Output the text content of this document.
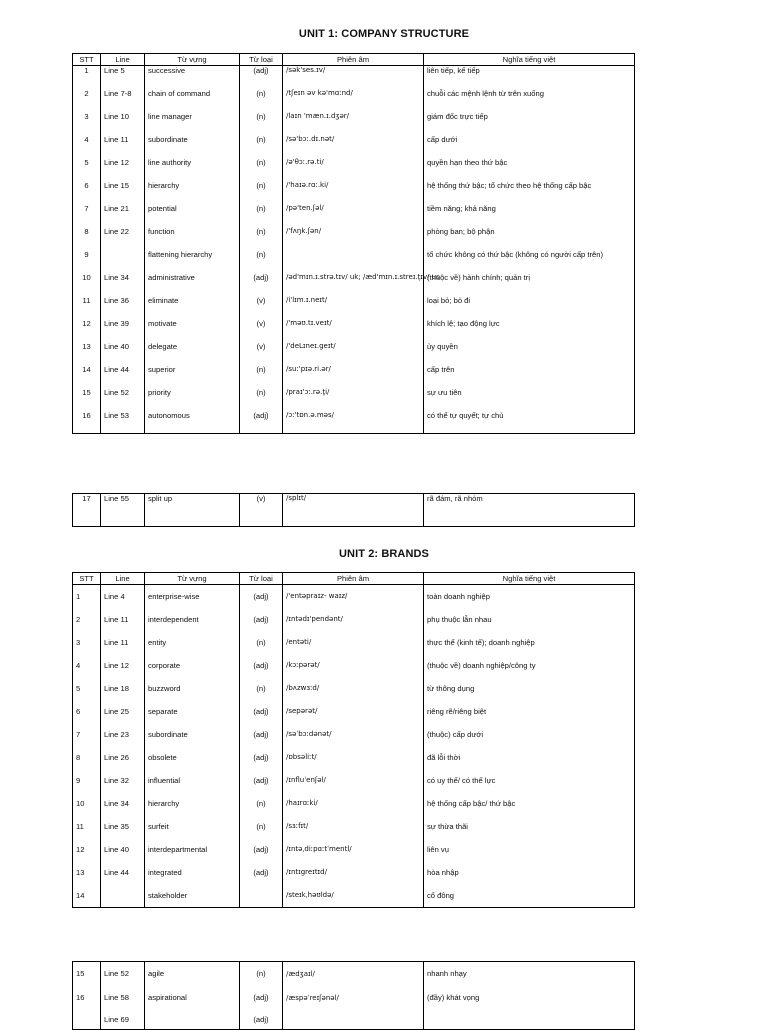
UNIT 1: COMPANY STRUCTURE
STT	Line	Từ vựng	Từ loại	Phiên âm	Nghĩa tiếng việt
1	Line 5	successive	(adj)	/sək'ses.ɪv/	liên tiếp, kế tiếp
2	Line 7-8	chain of command	(n)	/tʃeɪn əv kə'mɑːnd/	chuỗi các mệnh lệnh từ trên xuống
3	Line 10	line manager	(n)	/laɪn 'mæn.ɪ.dʒər/	giám đốc trực tiếp
4	Line 11	subordinate	(n)	/sə'bɔː.dɪ.nət/	cấp dưới
5	Line 12	line authority	(n)	/ə'θɔː.rə.ti/	quyền hạn theo thứ bậc
6	Line 15	hierarchy	(n)	/'haɪə.rɑː.ki/	hệ thống thứ bậc; tổ chức theo hệ thống cấp bậc
7	Line 21	potential	(n)	/pə'ten.ʃəl/	tiềm năng; khả năng
8	Line 22	function	(n)	/'fʌŋk.ʃən/	phòng ban; bộ phận
9		flattening hierarchy	(n)		tổ chức không có thứ bậc (không có người cấp trên)
10	Line 34	administrative	(adj)	/əd'mɪn.ɪ.strə.tɪv/ uk; /æd'mɪn.ɪ.streɪ.t̬ɪv/ us	(thuộc về) hành chính; quản trị
11	Line 36	eliminate	(v)	/i'lɪm.ɪ.neɪt/	loại bỏ; bỏ đi
12	Line 39	motivate	(v)	/'məʊ.tɪ.veɪt/	khích lệ; tạo động lực
13	Line 40	delegate	(v)	/'deLɪneɪ.geɪt/	ủy quyền
14	Line 44	superior	(n)	/suː'pɪə.ri.ər/	cấp trên
15	Line 52	priority	(n)	/praɪ'ɔː.rə.t̬i/	sự ưu tiên
16	Line 53	autonomous	(adj)	/ɔː'tɒn.ə.məs/	có thể tự quyết; tự chủ
17	Line 55	split up	(v)	/splɪt/	rã đám, rã nhóm
UNIT 2: BRANDS
STT	Line	Từ vựng	Từ loại	Phiên âm	Nghĩa tiếng việt
1	Line 4	enterprise-wise	(adj)	/'entəpraɪz- waɪz/	toàn doanh nghiệp
2	Line 11	interdependent	(adj)	/ɪntədɪ'pendənt/	phụ thuộc lẫn nhau
3	Line 11	entity	(n)	/entəti/	thực thể (kinh tế); doanh nghiệp
4	Line 12	corporate	(adj)	/kɔːpərət/	(thuộc về) doanh nghiệp/công ty
5	Line 18	buzzword	(n)	/bʌzwɜːd/	từ thông dụng
6	Line 25	separate	(adj)	/sepərət/	riêng rẽ/riêng biệt
7	Line 23	subordinate	(adj)	/səˈbɔːdənət/	(thuộc) cấp dưới
8	Line 26	obsolete	(adj)	/ɒbsəliːt/	đã lỗi thời
9	Line 32	influential	(adj)	/ɪnfluˈenʃəl/	có uy thế/ có thế lực
10	Line 34	hierarchy	(n)	/haɪrɑːki/	hệ thống cấp bậc/ thứ bậc
11	Line 35	surfeit	(n)	/sɜːfɪt/	sự thừa thãi
12	Line 40	interdepartmental	(adj)	/ɪntəˌdiːpɑːtˈmentl/	liên vụ
13	Line 44	integrated	(adj)	/ɪntɪgreɪtɪd/	hòa nhập
14		stakeholder		/steɪkˌhəʊldə/	cổ đông
15	Line 52	agile	(n)	/ædʒaɪl/	nhanh nhạy
16	Line 58	aspirational	(adj)	/æspəˈreɪʃənəl/	(đầy) khát vọng
	Line 69		(adj)		
